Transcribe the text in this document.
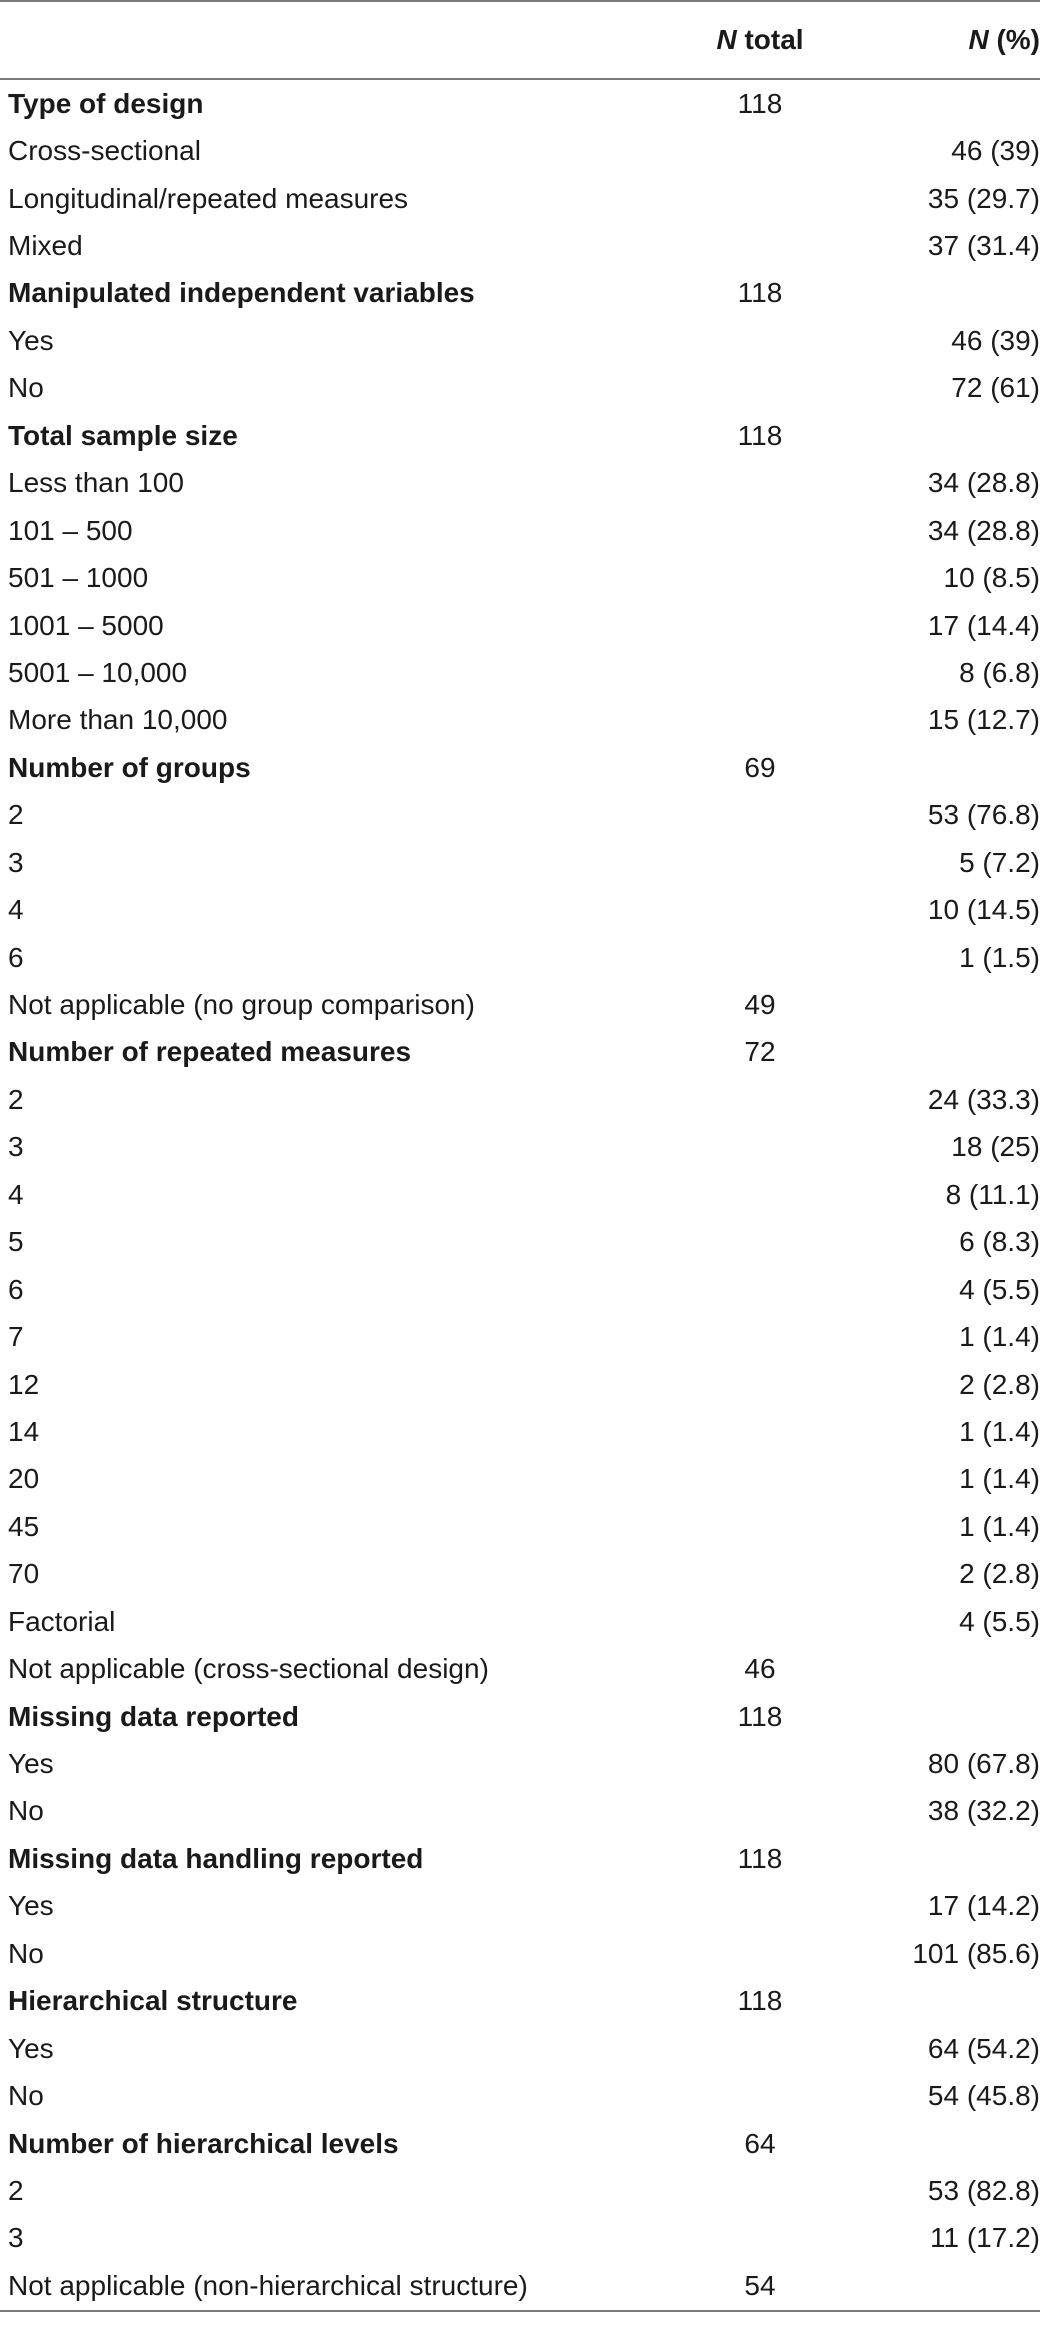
	N total	N (%)
Type of design	118	
Cross-sectional		46 (39)
Longitudinal/repeated measures		35 (29.7)
Mixed		37 (31.4)
Manipulated independent variables	118	
Yes		46 (39)
No		72 (61)
Total sample size	118	
Less than 100		34 (28.8)
101 – 500		34 (28.8)
501 – 1000		10 (8.5)
1001 – 5000		17 (14.4)
5001 – 10,000		8 (6.8)
More than 10,000		15 (12.7)
Number of groups	69	
2		53 (76.8)
3		5 (7.2)
4		10 (14.5)
6		1 (1.5)
Not applicable (no group comparison)	49	
Number of repeated measures	72	
2		24 (33.3)
3		18 (25)
4		8 (11.1)
5		6 (8.3)
6		4 (5.5)
7		1 (1.4)
12		2 (2.8)
14		1 (1.4)
20		1 (1.4)
45		1 (1.4)
70		2 (2.8)
Factorial		4 (5.5)
Not applicable (cross-sectional design)	46	
Missing data reported	118	
Yes		80 (67.8)
No		38 (32.2)
Missing data handling reported	118	
Yes		17 (14.2)
No		101 (85.6)
Hierarchical structure	118	
Yes		64 (54.2)
No		54 (45.8)
Number of hierarchical levels	64	
2		53 (82.8)
3		11 (17.2)
Not applicable (non-hierarchical structure)	54	
